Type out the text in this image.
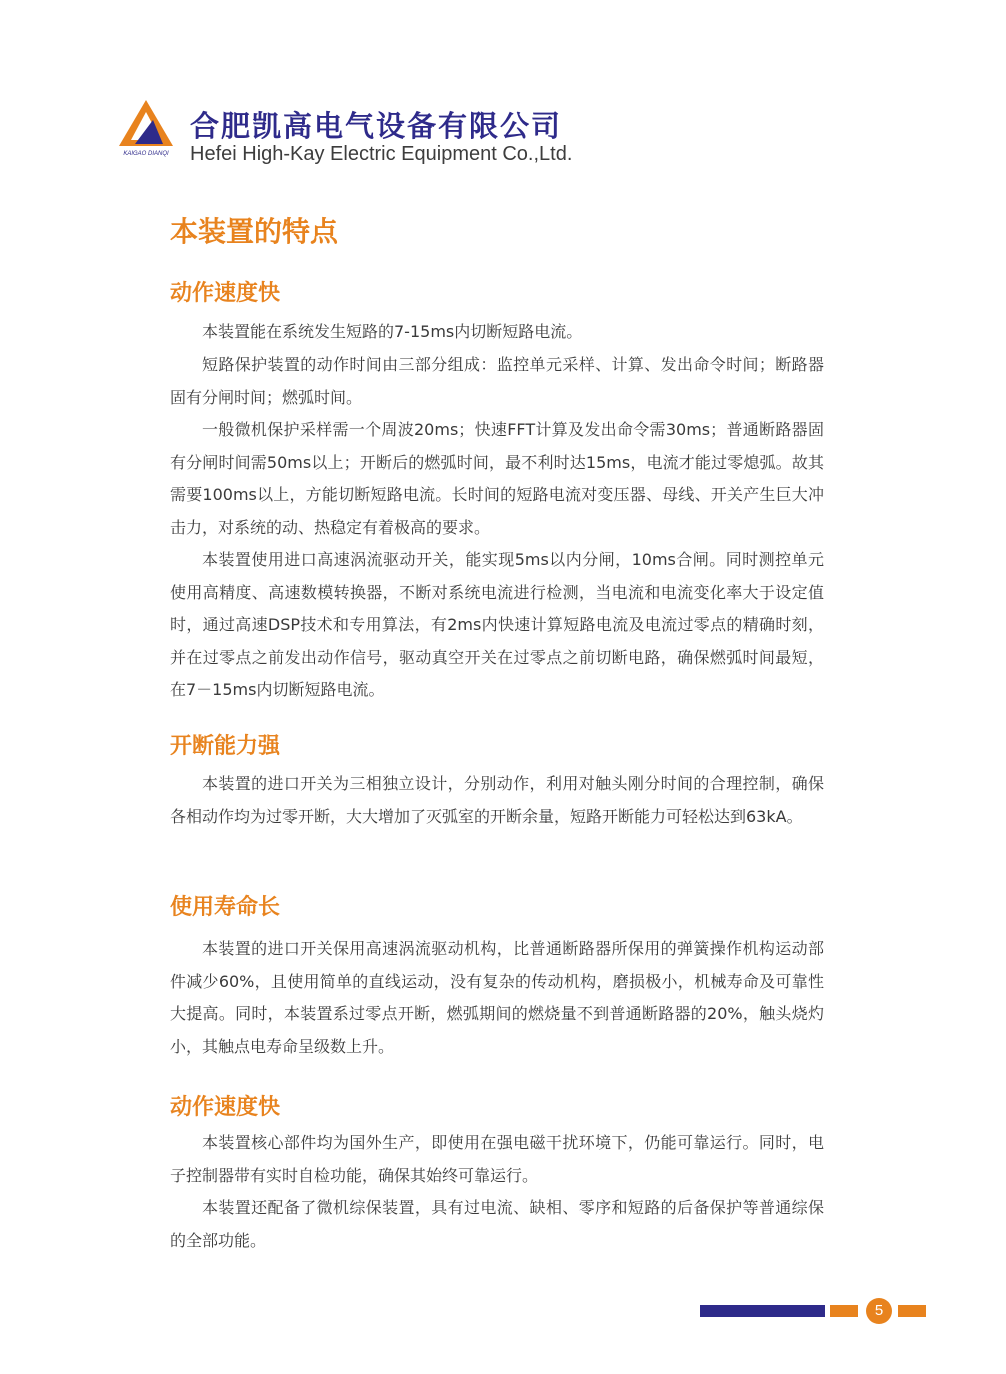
KAIGAO DIANQI
合肥凯高电气设备有限公司
Hefei High-Kay Electric Equipment Co.,Ltd.
本装置的特点
动作速度快

本装置能在系统发生短路的7-15ms内切断短路电流。

短路保护装置的动作时间由三部分组成：监控单元采样、计算、发出命令时间；断路器固有分闸时间；燃弧时间。

一般微机保护采样需一个周波20ms；快速FFT计算及发出命令需30ms；普通断路器固有分闸时间需50ms以上；开断后的燃弧时间，最不利时达15ms，电流才能过零熄弧。故其需要100ms以上，方能切断短路电流。长时间的短路电流对变压器、母线、开关产生巨大冲击力，对系统的动、热稳定有着极高的要求。

本装置使用进口高速涡流驱动开关，能实现5ms以内分闸，10ms合闸。同时测控单元使用高精度、高速数模转换器，不断对系统电流进行检测，当电流和电流变化率大于设定值时，通过高速DSP技术和专用算法，有2ms内快速计算短路电流及电流过零点的精确时刻，并在过零点之前发出动作信号，驱动真空开关在过零点之前切断电路，确保燃弧时间最短，在7－15ms内切断短路电流。

开断能力强

本装置的进口开关为三相独立设计，分别动作，利用对触头刚分时间的合理控制，确保各相动作均为过零开断，大大增加了灭弧室的开断余量，短路开断能力可轻松达到63kA。

使用寿命长

本装置的进口开关保用高速涡流驱动机构，比普通断路器所保用的弹簧操作机构运动部件减少60%，且使用简单的直线运动，没有复杂的传动机构，磨损极小，机械寿命及可靠性大提高。同时，本装置系过零点开断，燃弧期间的燃烧量不到普通断路器的20%，触头烧灼小，其触点电寿命呈级数上升。

动作速度快

本装置核心部件均为国外生产，即使用在强电磁干扰环境下，仍能可靠运行。同时，电子控制器带有实时自检功能，确保其始终可靠运行。

本装置还配备了微机综保装置，具有过电流、缺相、零序和短路的后备保护等普通综保的全部功能。

5
